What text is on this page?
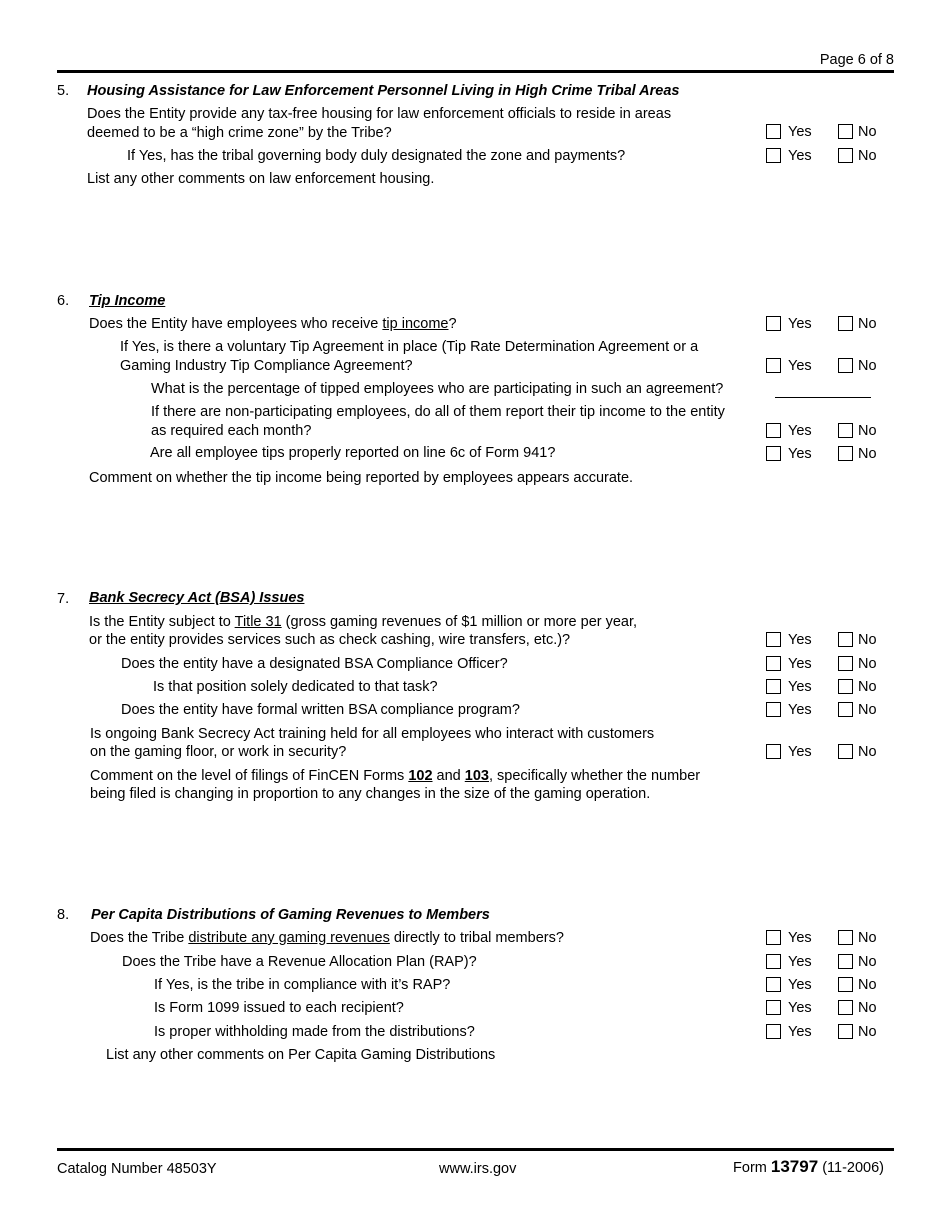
Page 6 of 8
5. Housing Assistance for Law Enforcement Personnel Living in High Crime Tribal Areas
Does the Entity provide any tax-free housing for law enforcement officials to reside in areas
deemed to be a “high crime zone” by the Tribe?	Yes	No
If Yes, has the tribal governing body duly designated the zone and payments?	Yes	No
List any other comments on law enforcement housing.
6. Tip Income
Does the Entity have employees who receive tip income?	Yes	No
If Yes, is there a voluntary Tip Agreement in place (Tip Rate Determination Agreement or a
Gaming Industry Tip Compliance Agreement?	Yes	No
What is the percentage of tipped employees who are participating in such an agreement?
If there are non-participating employees, do all of them report their tip income to the entity
as required each month?	Yes	No
Are all employee tips properly reported on line 6c of Form 941?	Yes	No
Comment on whether the tip income being reported by employees appears accurate.
7. Bank Secrecy Act (BSA) Issues
Is the Entity subject to Title 31 (gross gaming revenues of $1 million or more per year,
or the entity provides services such as check cashing, wire transfers, etc.)?	Yes	No
Does the entity have a designated BSA Compliance Officer?	Yes	No
Is that position solely dedicated to that task?	Yes	No
Does the entity have formal written BSA compliance program?	Yes	No
Is ongoing Bank Secrecy Act training held for all employees who interact with customers
on the gaming floor, or work in security?	Yes	No
Comment on the level of filings of FinCEN Forms 102 and 103, specifically whether the number
being filed is changing in proportion to any changes in the size of the gaming operation.
8. Per Capita Distributions of Gaming Revenues to Members
Does the Tribe distribute any gaming revenues directly to tribal members?	Yes	No
Does the Tribe have a Revenue Allocation Plan (RAP)?	Yes	No
If Yes, is the tribe in compliance with it’s RAP?	Yes	No
Is Form 1099 issued to each recipient?	Yes	No
Is proper withholding made from the distributions?	Yes	No
List any other comments on Per Capita Gaming Distributions
Catalog Number 48503Y	www.irs.gov	Form 13797 (11-2006)
